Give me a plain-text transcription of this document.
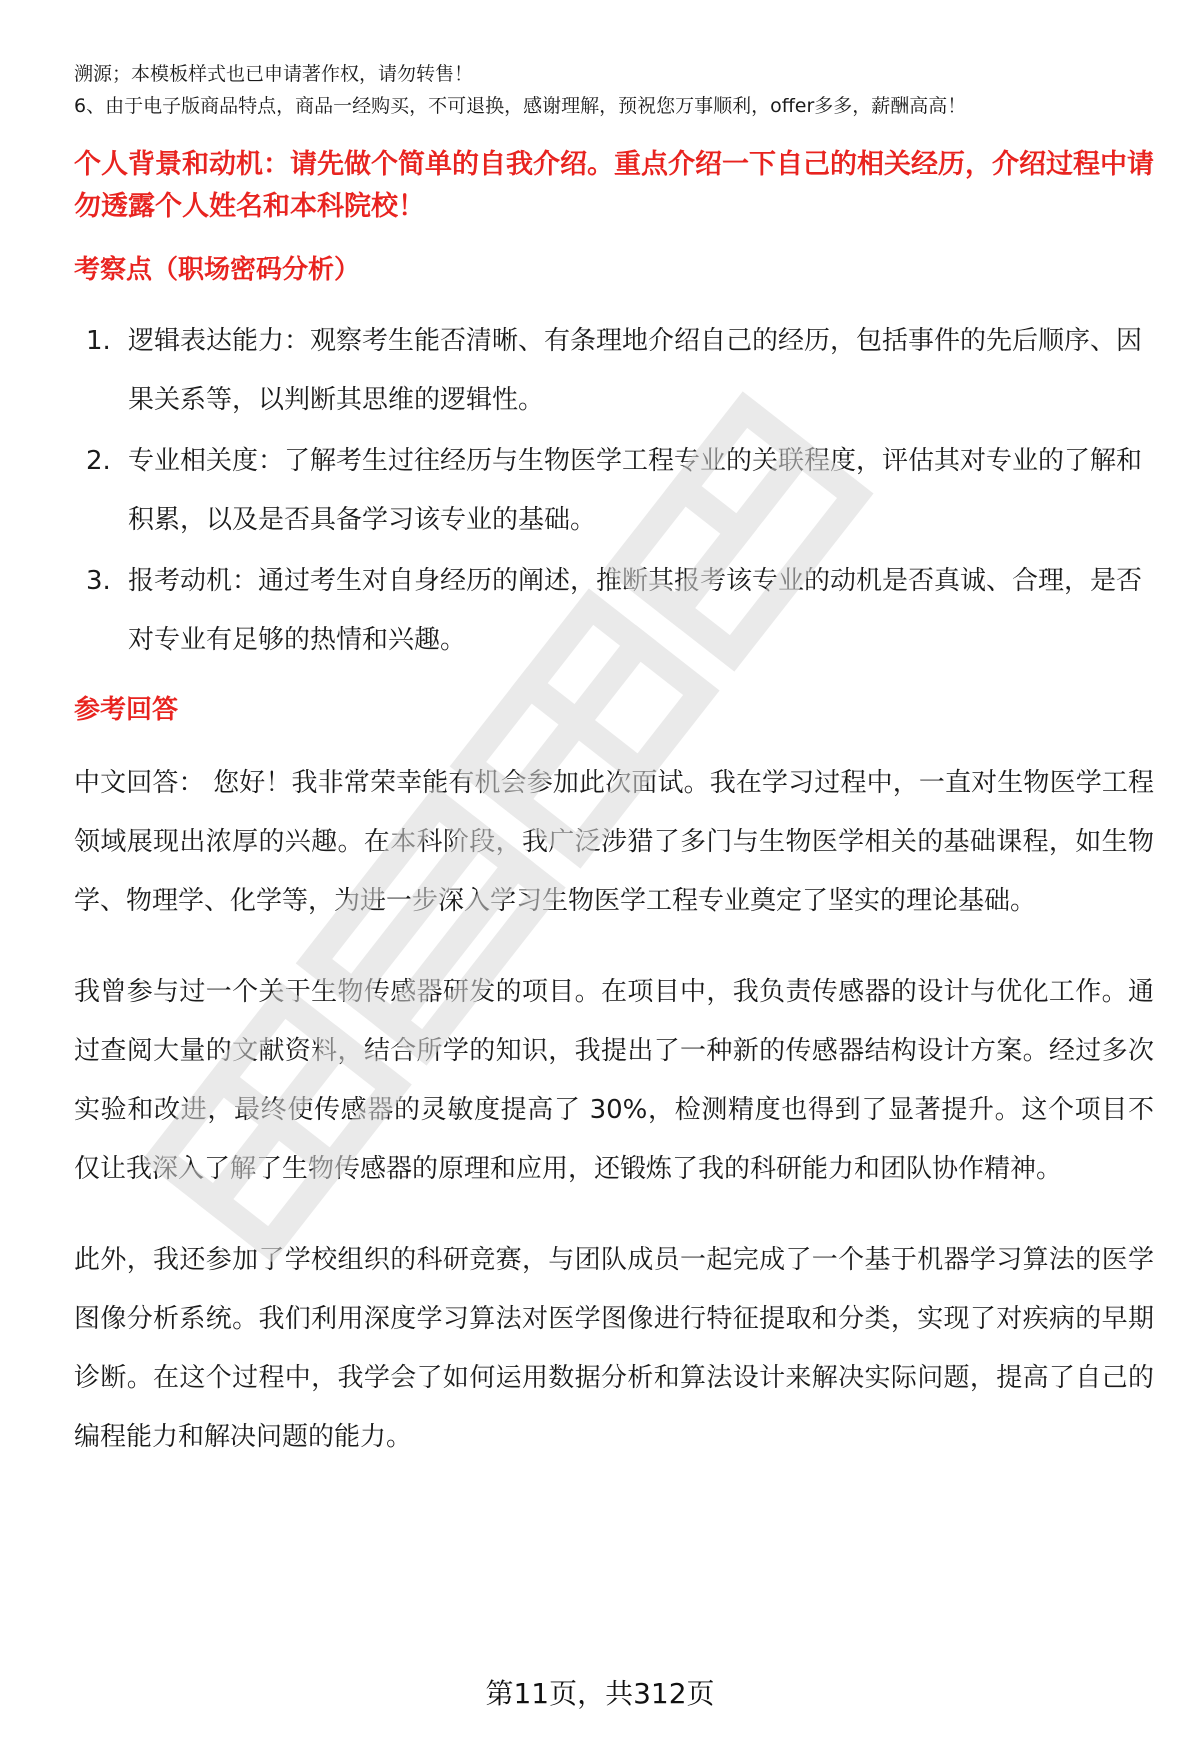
溯源；本模板样式也已申请著作权，请勿转售！
6、由于电子版商品特点，商品一经购买，不可退换，感谢理解，预祝您万事顺利，offer多多，薪酬高高！
个人背景和动机：请先做个简单的自我介绍。重点介绍一下自己的相关经历，介绍过程中请勿透露个人姓名和本科院校！
考察点（职场密码分析）
1. 逻辑表达能力：观察考生能否清晰、有条理地介绍自己的经历，包括事件的先后顺序、因果关系等，以判断其思维的逻辑性。
2. 专业相关度：了解考生过往经历与生物医学工程专业的关联程度，评估其对专业的了解和积累，以及是否具备学习该专业的基础。
3. 报考动机：通过考生对自身经历的阐述，推断其报考该专业的动机是否真诚、合理，是否对专业有足够的热情和兴趣。
参考回答

中文回答： 您好！我非常荣幸能有机会参加此次面试。我在学习过程中，一直对生物医学工程领域展现出浓厚的兴趣。在本科阶段，我广泛涉猎了多门与生物医学相关的基础课程，如生物学、物理学、化学等，为进一步深入学习生物医学工程专业奠定了坚实的理论基础。

我曾参与过一个关于生物传感器研发的项目。在项目中，我负责传感器的设计与优化工作。通过查阅大量的文献资料，结合所学的知识，我提出了一种新的传感器结构设计方案。经过多次实验和改进，最终使传感器的灵敏度提高了 30%，检测精度也得到了显著提升。这个项目不仅让我深入了解了生物传感器的原理和应用，还锻炼了我的科研能力和团队协作精神。

此外，我还参加了学校组织的科研竞赛，与团队成员一起完成了一个基于机器学习算法的医学图像分析系统。我们利用深度学习算法对医学图像进行特征提取和分类，实现了对疾病的早期诊断。在这个过程中，我学会了如何运用数据分析和算法设计来解决实际问题，提高了自己的编程能力和解决问题的能力。

第11页，共312页
